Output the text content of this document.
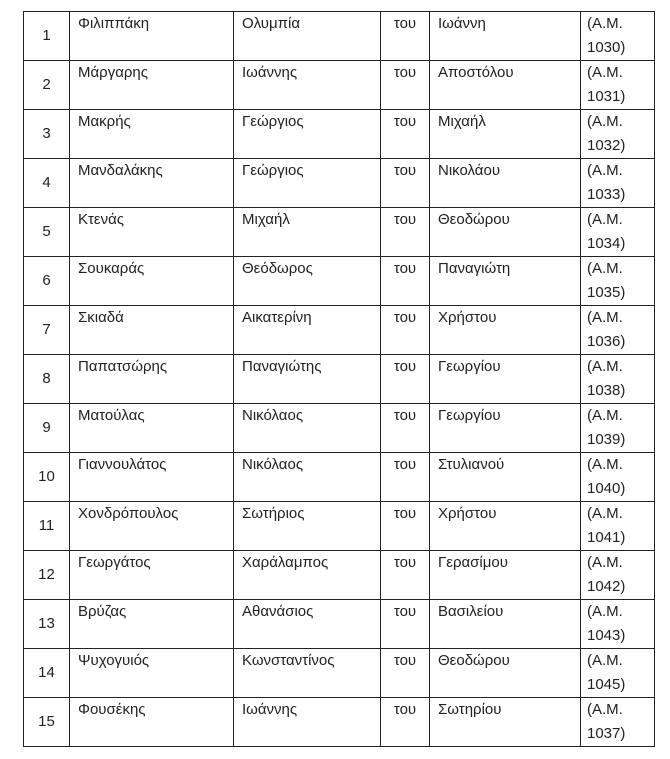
1	Φιλιππάκη	Ολυμπία	του	Ιωάννη	(Α.Μ.
1030)

2	Μάργαρης	Ιωάννης	του	Αποστόλου	(Α.Μ.
1031)

3	Μακρής	Γεώργιος	του	Μιχαήλ	(Α.Μ.
1032)

4	Μανδαλάκης	Γεώργιος	του	Νικολάου	(Α.Μ.
1033)

5	Κτενάς	Μιχαήλ	του	Θεοδώρου	(Α.Μ.
1034)

6	Σουκαράς	Θεόδωρος	του	Παναγιώτη	(Α.Μ.
1035)

7	Σκιαδά	Αικατερίνη	του	Χρήστου	(Α.Μ.
1036)

8	Παπατσώρης	Παναγιώτης	του	Γεωργίου	(Α.Μ.
1038)

9	Ματούλας	Νικόλαος	του	Γεωργίου	(Α.Μ.
1039)

10	Γιαννουλάτος	Νικόλαος	του	Στυλιανού	(Α.Μ.
1040)

11	Χονδρόπουλος	Σωτήριος	του	Χρήστου	(Α.Μ.
1041)

12	Γεωργάτος	Χαράλαμπος	του	Γερασίμου	(Α.Μ.
1042)

13	Βρύζας	Αθανάσιος	του	Βασιλείου	(Α.Μ.
1043)

14	Ψυχογυιός	Κωνσταντίνος	του	Θεοδώρου	(Α.Μ.
1045)

15	Φουσέκης	Ιωάννης	του	Σωτηρίου	(Α.Μ.
1037)
